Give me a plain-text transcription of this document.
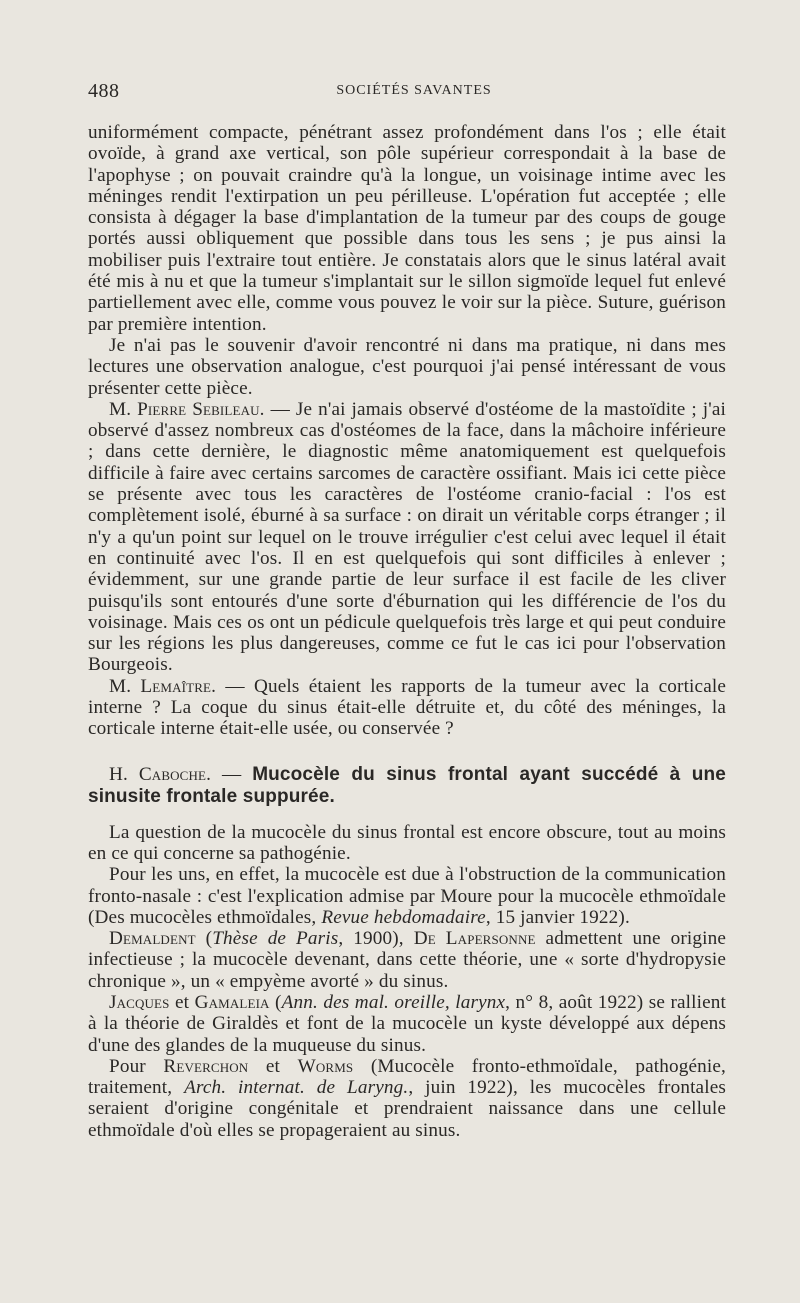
488	SOCIÉTÉS SAVANTES

uniformément compacte, pénétrant assez profondément dans l'os ; elle était ovoïde, à grand axe vertical, son pôle supérieur correspondait à la base de l'apophyse ; on pouvait craindre qu'à la longue, un voisinage intime avec les méninges rendit l'extirpation un peu périlleuse. L'opération fut acceptée ; elle consista à dégager la base d'implantation de la tumeur par des coups de gouge portés aussi obliquement que possible dans tous les sens ; je pus ainsi la mobiliser puis l'extraire tout entière. Je constatais alors que le sinus latéral avait été mis à nu et que la tumeur s'implantait sur le sillon sigmoïde lequel fut enlevé partiellement avec elle, comme vous pouvez le voir sur la pièce. Suture, guérison par première intention.

Je n'ai pas le souvenir d'avoir rencontré ni dans ma pratique, ni dans mes lectures une observation analogue, c'est pourquoi j'ai pensé intéressant de vous présenter cette pièce.

M. Pierre Sebileau. — Je n'ai jamais observé d'ostéome de la mastoïdite ; j'ai observé d'assez nombreux cas d'ostéomes de la face, dans la mâchoire inférieure ; dans cette dernière, le diagnostic même anatomiquement est quelquefois difficile à faire avec certains sarcomes de caractère ossifiant. Mais ici cette pièce se présente avec tous les caractères de l'ostéome cranio-facial : l'os est complètement isolé, éburné à sa surface : on dirait un véritable corps étranger ; il n'y a qu'un point sur lequel on le trouve irrégulier c'est celui avec lequel il était en continuité avec l'os. Il en est quelquefois qui sont difficiles à enlever ; évidemment, sur une grande partie de leur surface il est facile de les cliver puisqu'ils sont entourés d'une sorte d'éburnation qui les différencie de l'os du voisinage. Mais ces os ont un pédicule quelquefois très large et qui peut conduire sur les régions les plus dangereuses, comme ce fut le cas ici pour l'observation Bourgeois.

M. Lemaître. — Quels étaient les rapports de la tumeur avec la corticale interne ? La coque du sinus était-elle détruite et, du côté des méninges, la corticale interne était-elle usée, ou conservée ?

H. Caboche. — Mucocèle du sinus frontal ayant succédé à une sinusite frontale suppurée.

La question de la mucocèle du sinus frontal est encore obscure, tout au moins en ce qui concerne sa pathogénie.

Pour les uns, en effet, la mucocèle est due à l'obstruction de la communication fronto-nasale : c'est l'explication admise par Moure pour la mucocèle ethmoïdale (Des mucocèles ethmoïdales, Revue hebdomadaire, 15 janvier 1922).

Demaldent (Thèse de Paris, 1900), De Lapersonne admettent une origine infectieuse ; la mucocèle devenant, dans cette théorie, une « sorte d'hydropysie chronique », un « empyème avorté » du sinus.

Jacques et Gamaleia (Ann. des mal. oreille, larynx, n° 8, août 1922) se rallient à la théorie de Giraldès et font de la mucocèle un kyste développé aux dépens d'une des glandes de la muqueuse du sinus.

Pour Reverchon et Worms (Mucocèle fronto-ethmoïdale, pathogénie, traitement, Arch. internat. de Laryng., juin 1922), les mucocèles frontales seraient d'origine congénitale et prendraient naissance dans une cellule ethmoïdale d'où elles se propageraient au sinus.
